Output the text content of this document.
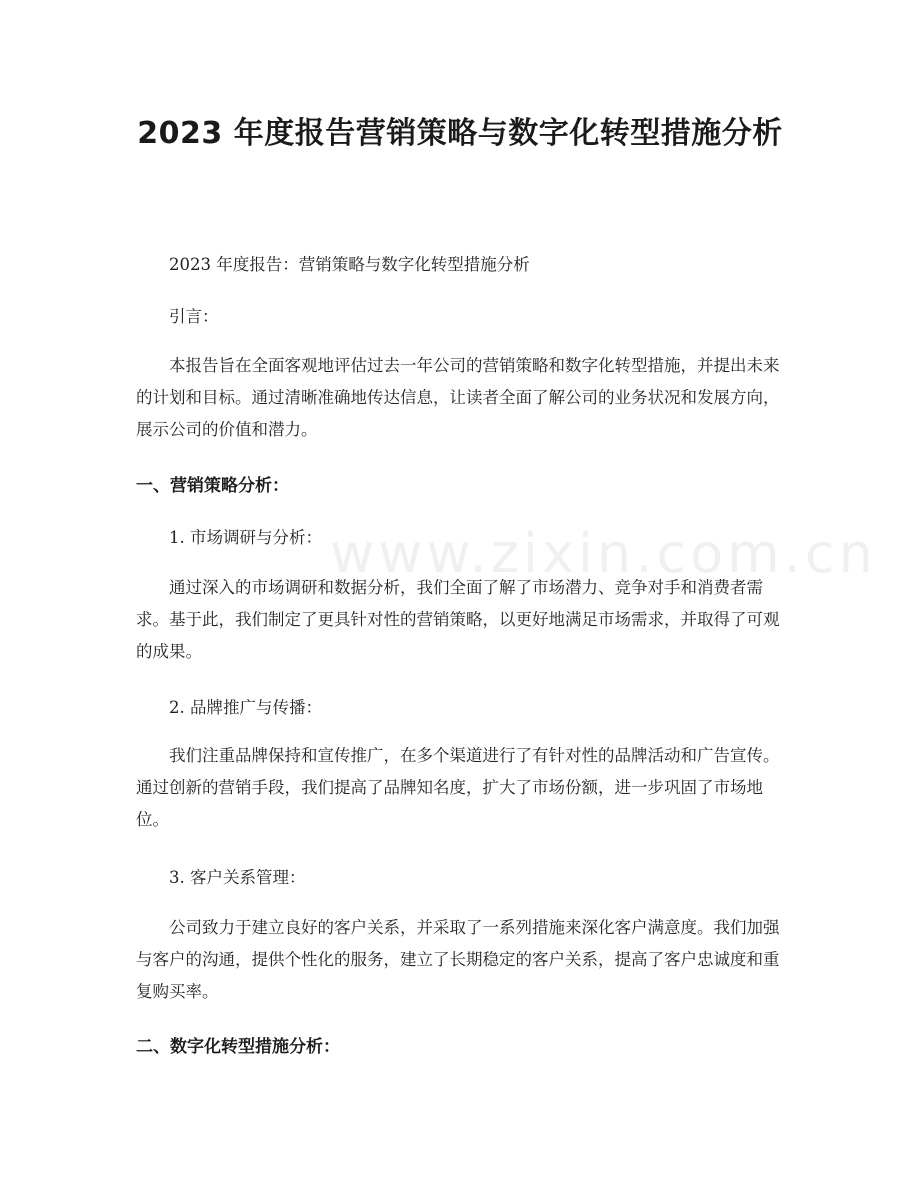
www.zixin.com.cn
2023 年度报告营销策略与数字化转型措施分析
2023 年度报告：营销策略与数字化转型措施分析
引言：
本报告旨在全面客观地评估过去一年公司的营销策略和数字化转型措施，并提出未来的计划和目标。通过清晰准确地传达信息，让读者全面了解公司的业务状况和发展方向，展示公司的价值和潜力。
一、营销策略分析：
1. 市场调研与分析：
通过深入的市场调研和数据分析，我们全面了解了市场潜力、竞争对手和消费者需求。基于此，我们制定了更具针对性的营销策略，以更好地满足市场需求，并取得了可观的成果。
2. 品牌推广与传播：
我们注重品牌保持和宣传推广，在多个渠道进行了有针对性的品牌活动和广告宣传。通过创新的营销手段，我们提高了品牌知名度，扩大了市场份额，进一步巩固了市场地位。
3. 客户关系管理：
公司致力于建立良好的客户关系，并采取了一系列措施来深化客户满意度。我们加强与客户的沟通，提供个性化的服务，建立了长期稳定的客户关系，提高了客户忠诚度和重复购买率。
二、数字化转型措施分析：
